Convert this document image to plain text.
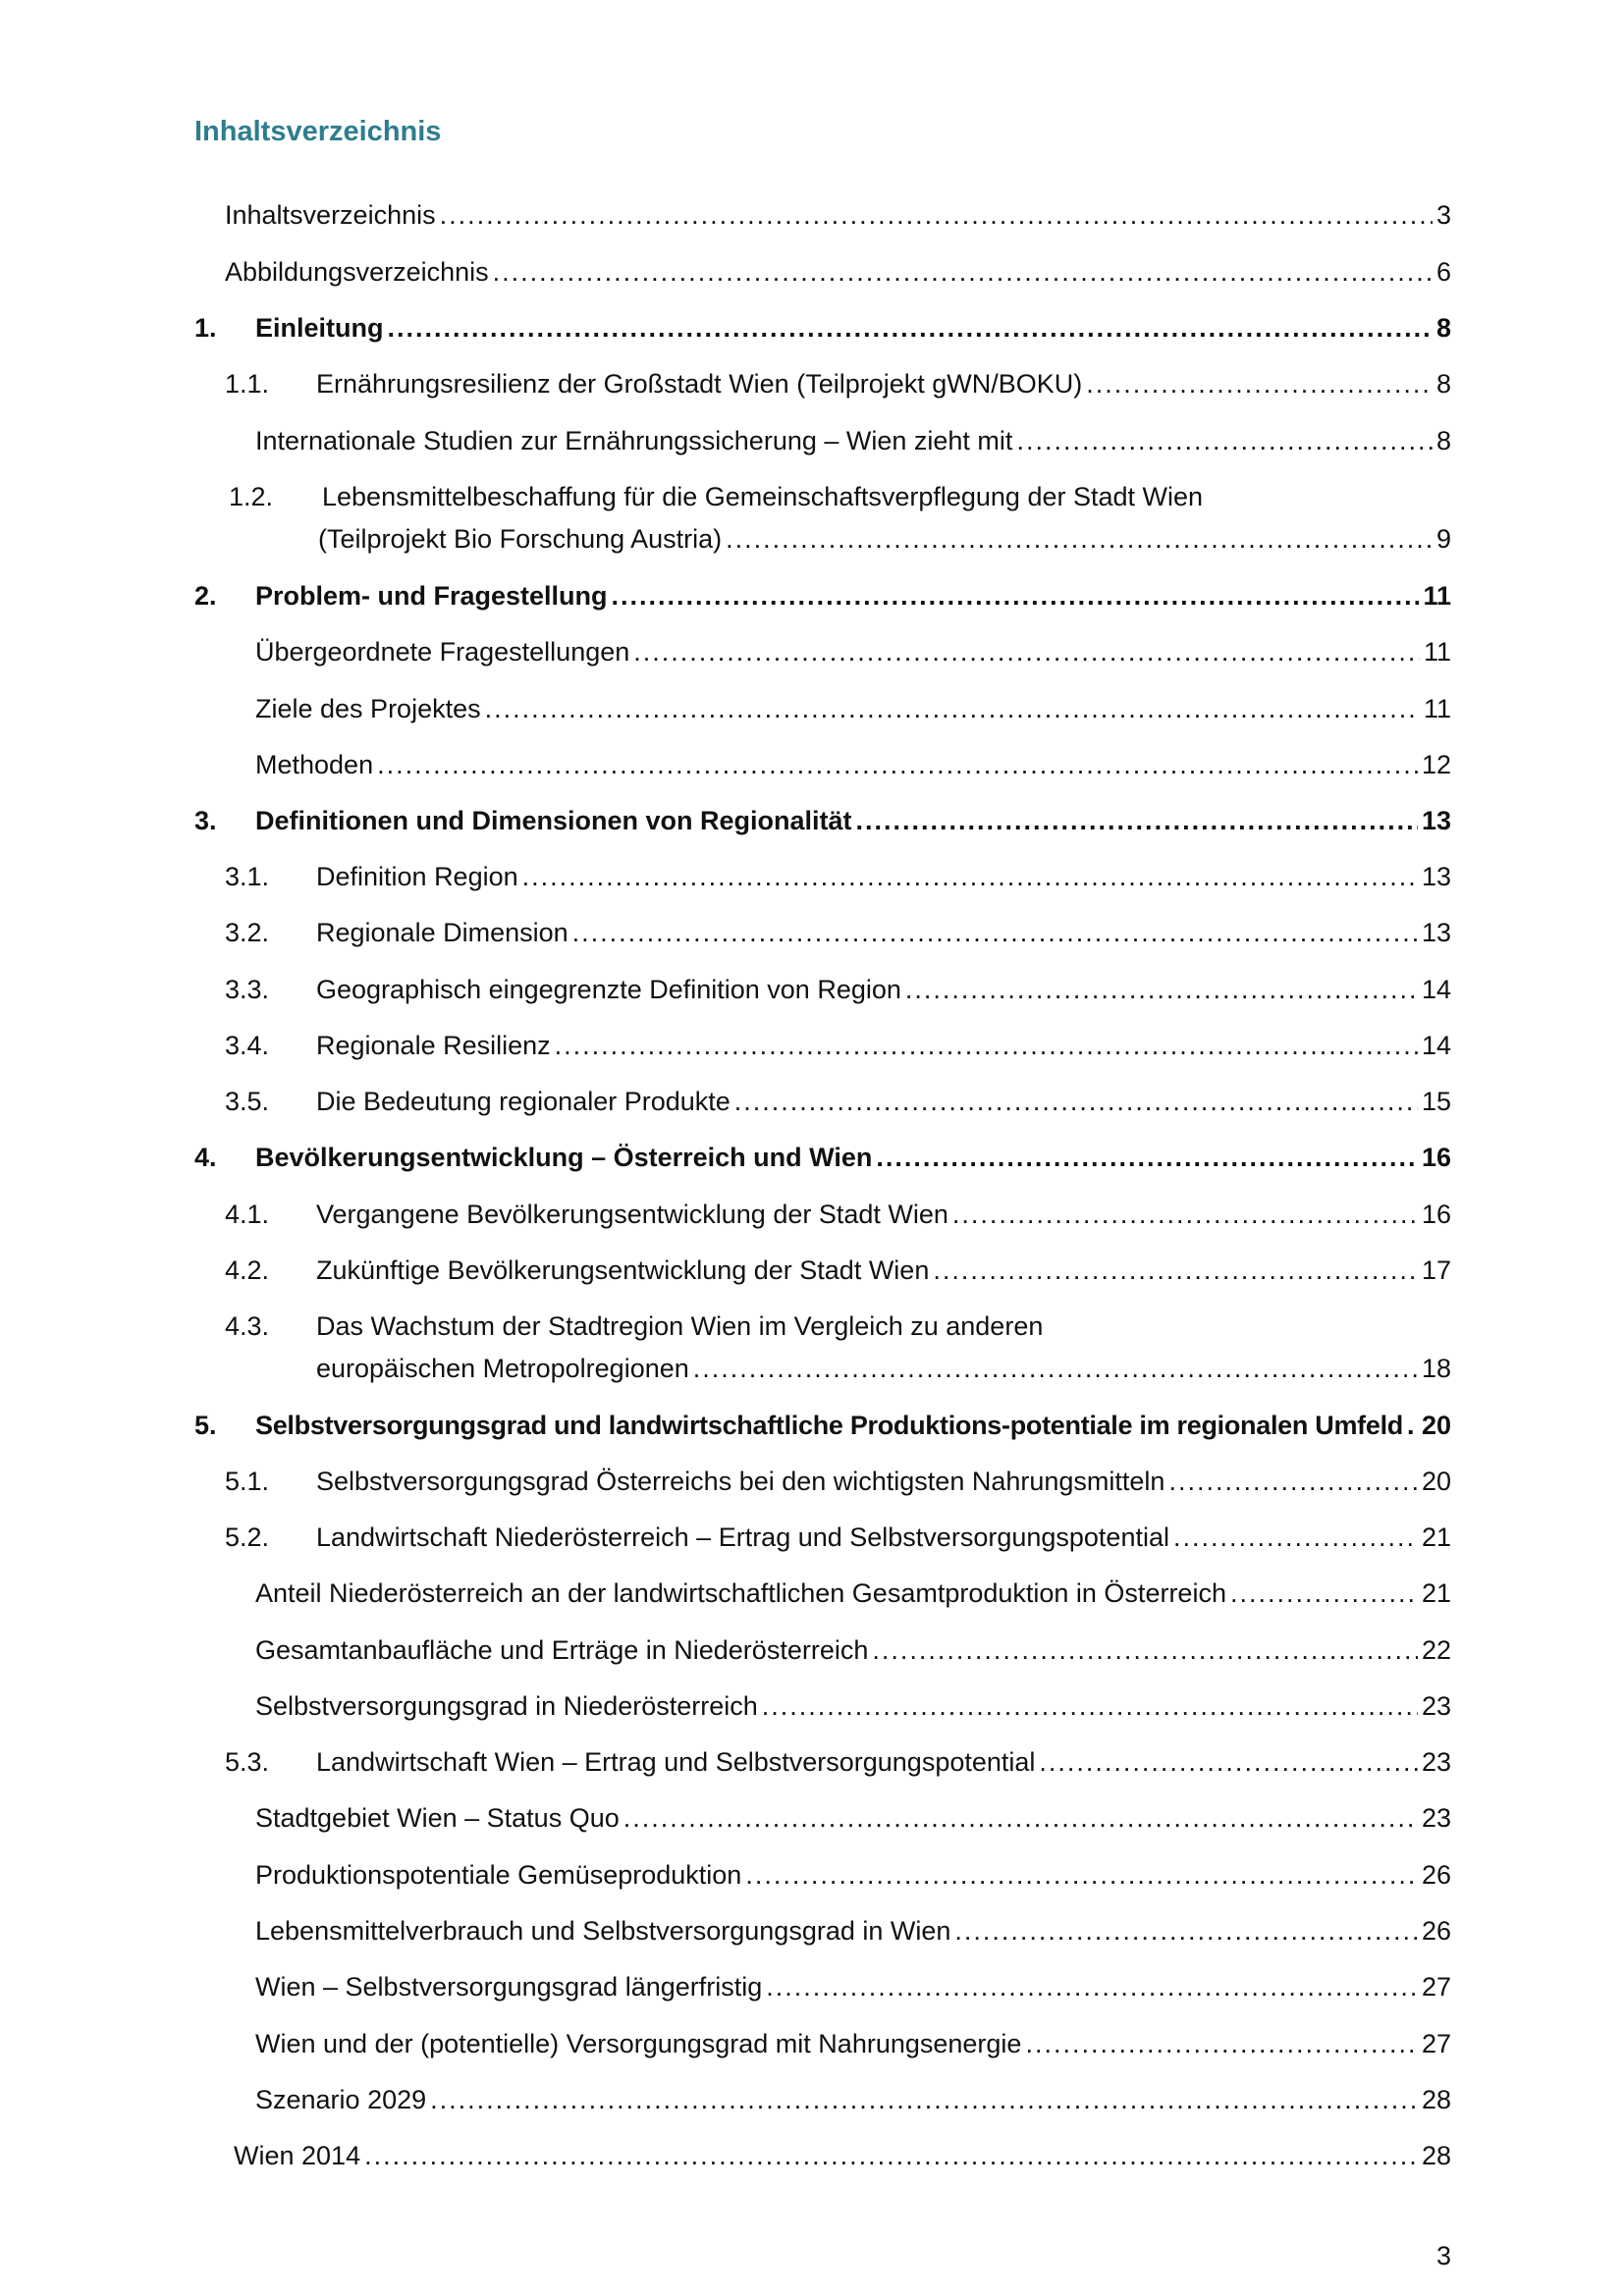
Inhaltsverzeichnis
Inhaltsverzeichnis .....	3
Abbildungsverzeichnis .....	6
1. Einleitung .....	8
1.1. Ernährungsresilienz der Großstadt Wien (Teilprojekt gWN/BOKU) .....	8
Internationale Studien zur Ernährungssicherung – Wien zieht mit .....	8
1.2. Lebensmittelbeschaffung für die Gemeinschaftsverpflegung der Stadt Wien
(Teilprojekt Bio Forschung Austria) .....	9
2. Problem- und Fragestellung .....	11
Übergeordnete Fragestellungen .....	11
Ziele des Projektes .....	11
Methoden .....	12
3. Definitionen und Dimensionen von Regionalität .....	13
3.1. Definition Region .....	13
3.2. Regionale Dimension .....	13
3.3. Geographisch eingegrenzte Definition von Region .....	14
3.4. Regionale Resilienz .....	14
3.5. Die Bedeutung regionaler Produkte .....	15
4. Bevölkerungsentwicklung – Österreich und Wien .....	16
4.1. Vergangene Bevölkerungsentwicklung der Stadt Wien .....	16
4.2. Zukünftige Bevölkerungsentwicklung der Stadt Wien .....	17
4.3. Das Wachstum der Stadtregion Wien im Vergleich zu anderen
europäischen Metropolregionen .....	18
5. Selbstversorgungsgrad und landwirtschaftliche Produktions-potentiale im regionalen Umfeld ..... 20
5.1. Selbstversorgungsgrad Österreichs bei den wichtigsten Nahrungsmitteln .....	20
5.2. Landwirtschaft Niederösterreich – Ertrag und Selbstversorgungspotential .....	21
Anteil Niederösterreich an der landwirtschaftlichen Gesamtproduktion in Österreich .....	21
Gesamtanbaufläche und Erträge in Niederösterreich .....	22
Selbstversorgungsgrad in Niederösterreich .....	23
5.3. Landwirtschaft Wien – Ertrag und Selbstversorgungspotential .....	23
Stadtgebiet Wien – Status Quo .....	23
Produktionspotentiale Gemüseproduktion .....	26
Lebensmittelverbrauch und Selbstversorgungsgrad in Wien .....	26
Wien – Selbstversorgungsgrad längerfristig .....	27
Wien und der (potentielle) Versorgungsgrad mit Nahrungsenergie .....	27
Szenario 2029 .....	28
Wien 2014 .....	28
3
